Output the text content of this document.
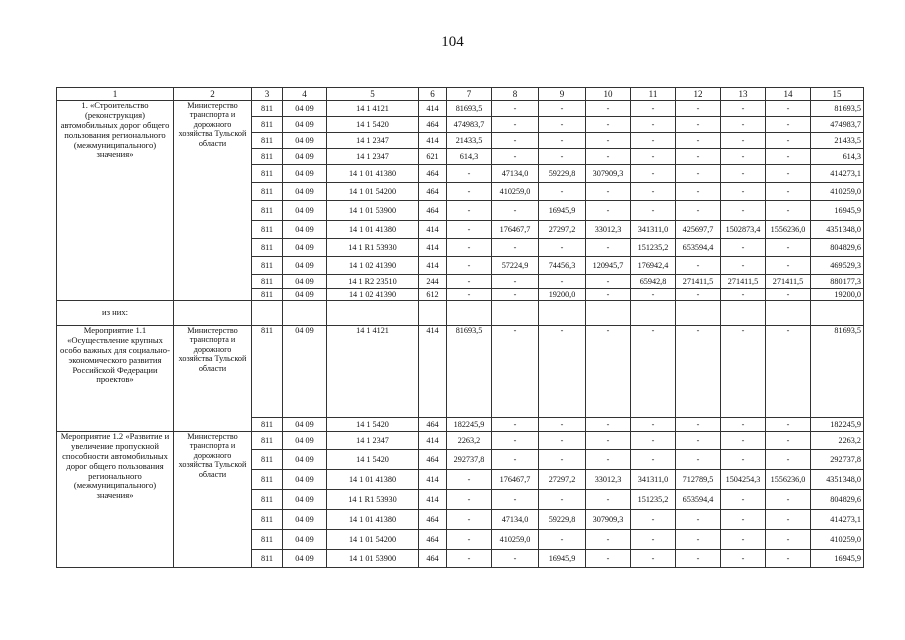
104
1	2	3	4	5	6	7	8	9	10	11	12	13	14	15
1. «Строительство (реконструкция) автомобильных дорог общего пользования регионального (межмуниципального) значения»	Министерство транспорта и дорожного хозяйства Тульской области	811	04 09	14 1 4121	414	81693,5	-	-	-	-	-	-	-	81693,5
		811	04 09	14 1 5420	464	474983,7	-	-	-	-	-	-	-	474983,7
		811	04 09	14 1 2347	414	21433,5	-	-	-	-	-	-	-	21433,5
		811	04 09	14 1 2347	621	614,3	-	-	-	-	-	-	-	614,3
		811	04 09	14 1 01 41380	464	-	47134,0	59229,8	307909,3	-	-	-	-	414273,1
		811	04 09	14 1 01 54200	464	-	410259,0	-	-	-	-	-	-	410259,0
		811	04 09	14 1 01 53900	464	-	-	16945,9	-	-	-	-	-	16945,9
		811	04 09	14 1 01 41380	414	-	176467,7	27297,2	33012,3	341311,0	425697,7	1502873,4	1556236,0	4351348,0
		811	04 09	14 1 R1 53930	414	-	-	-	-	151235,2	653594,4	-	-	804829,6
		811	04 09	14 1 02 41390	414	-	57224,9	74456,3	120945,7	176942,4	-	-	-	469529,3
		811	04 09	14 1 R2 23510	244	-	-	-	-	65942,8	271411,5	271411,5	271411,5	880177,3
		811	04 09	14 1 02 41390	612	-	-	19200,0	-	-	-	-	-	19200,0
из них:														
Мероприятие 1.1 «Осуществление крупных особо важных для социально-экономического развития Российской Федерации проектов»	Министерство транспорта и дорожного хозяйства Тульской области	811	04 09	14 1 4121	414	81693,5	-	-	-	-	-	-	-	81693,5
		811	04 09	14 1 5420	464	182245,9	-	-	-	-	-	-	-	182245,9
Мероприятие 1.2 «Развитие и увеличение пропускной способности автомобильных дорог общего пользования регионального (межмуниципального) значения»	Министерство транспорта и дорожного хозяйства Тульской области	811	04 09	14 1 2347	414	2263,2	-	-	-	-	-	-	-	2263,2
		811	04 09	14 1 5420	464	292737,8	-	-	-	-	-	-	-	292737,8
		811	04 09	14 1 01 41380	414	-	176467,7	27297,2	33012,3	341311,0	712789,5	1504254,3	1556236,0	4351348,0
		811	04 09	14 1 R1 53930	414	-	-	-	-	151235,2	653594,4	-	-	804829,6
		811	04 09	14 1 01 41380	464	-	47134,0	59229,8	307909,3	-	-	-	-	414273,1
		811	04 09	14 1 01 54200	464	-	410259,0	-	-	-	-	-	-	410259,0
		811	04 09	14 1 01 53900	464	-	-	16945,9	-	-	-	-	-	16945,9
